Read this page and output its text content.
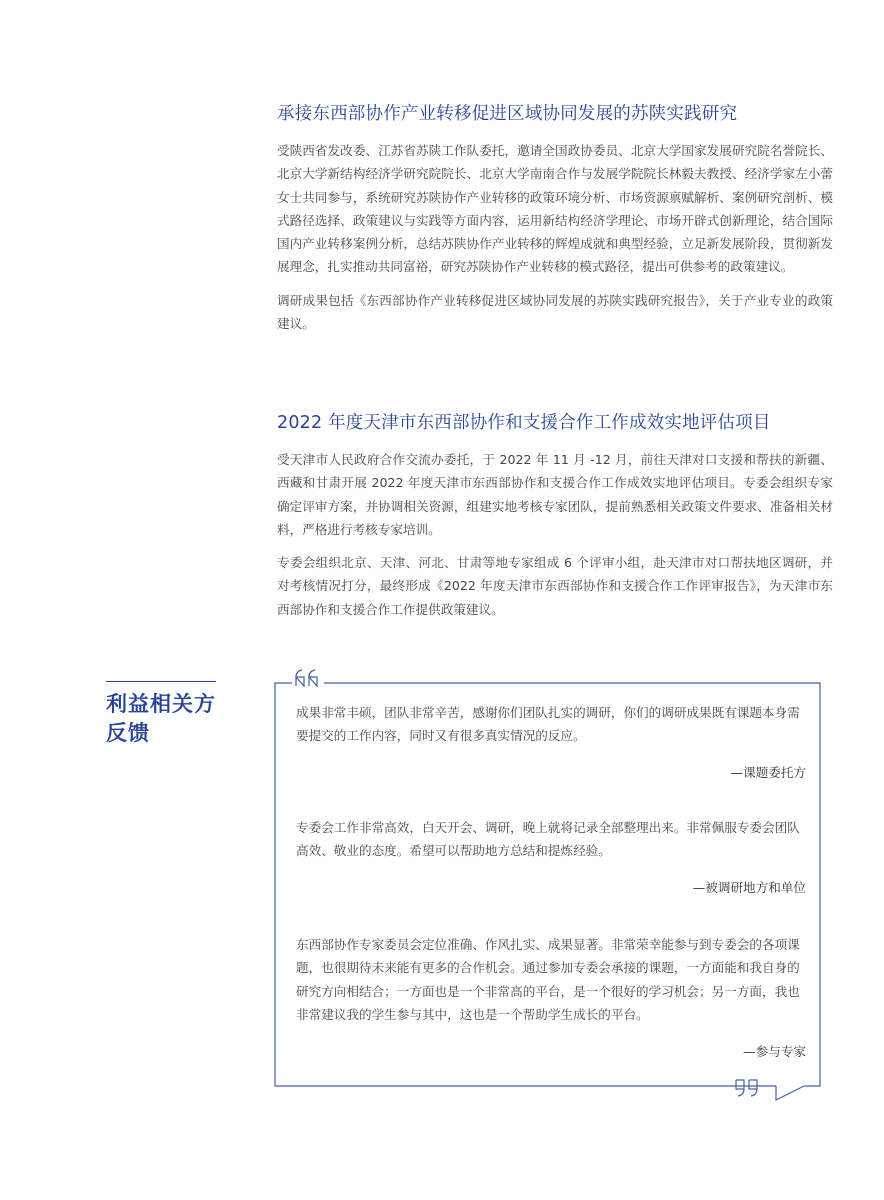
承接东西部协作产业转移促进区域协同发展的苏陕实践研究

受陕西省发改委、江苏省苏陕工作队委托，邀请全国政协委员、北京大学国家发展研究院名誉院长、北京大学新结构经济学研究院院长、北京大学南南合作与发展学院院长林毅夫教授、经济学家左小蕾女士共同参与，系统研究苏陕协作产业转移的政策环境分析、市场资源禀赋解析、案例研究剖析、模式路径选择、政策建议与实践等方面内容，运用新结构经济学理论、市场开辟式创新理论，结合国际国内产业转移案例分析，总结苏陕协作产业转移的辉煌成就和典型经验，立足新发展阶段，贯彻新发展理念，扎实推动共同富裕，研究苏陕协作产业转移的模式路径，提出可供参考的政策建议。

调研成果包括《东西部协作产业转移促进区域协同发展的苏陕实践研究报告》，关于产业专业的政策建议。

2022 年度天津市东西部协作和支援合作工作成效实地评估项目

受天津市人民政府合作交流办委托，于 2022 年 11 月 -12 月，前往天津对口支援和帮扶的新疆、西藏和甘肃开展 2022 年度天津市东西部协作和支援合作工作成效实地评估项目。专委会组织专家确定评审方案，并协调相关资源，组建实地考核专家团队，提前熟悉相关政策文件要求、准备相关材料，严格进行考核专家培训。

专委会组织北京、天津、河北、甘肃等地专家组成 6 个评审小组，赴天津市对口帮扶地区调研，并对考核情况打分，最终形成《2022 年度天津市东西部协作和支援合作工作评审报告》，为天津市东西部协作和支援合作工作提供政策建议。

利益相关方
反馈

成果非常丰硕，团队非常辛苦，感谢你们团队扎实的调研，你们的调研成果既有课题本身需要提交的工作内容，同时又有很多真实情况的反应。

—课题委托方

专委会工作非常高效，白天开会、调研，晚上就将记录全部整理出来。非常佩服专委会团队高效、敬业的态度。希望可以帮助地方总结和提炼经验。

—被调研地方和单位

东西部协作专家委员会定位准确、作风扎实、成果显著。非常荣幸能参与到专委会的各项课题，也很期待未来能有更多的合作机会。通过参加专委会承接的课题，一方面能和我自身的研究方向相结合；一方面也是一个非常高的平台，是一个很好的学习机会；另一方面，我也非常建议我的学生参与其中，这也是一个帮助学生成长的平台。

—参与专家
